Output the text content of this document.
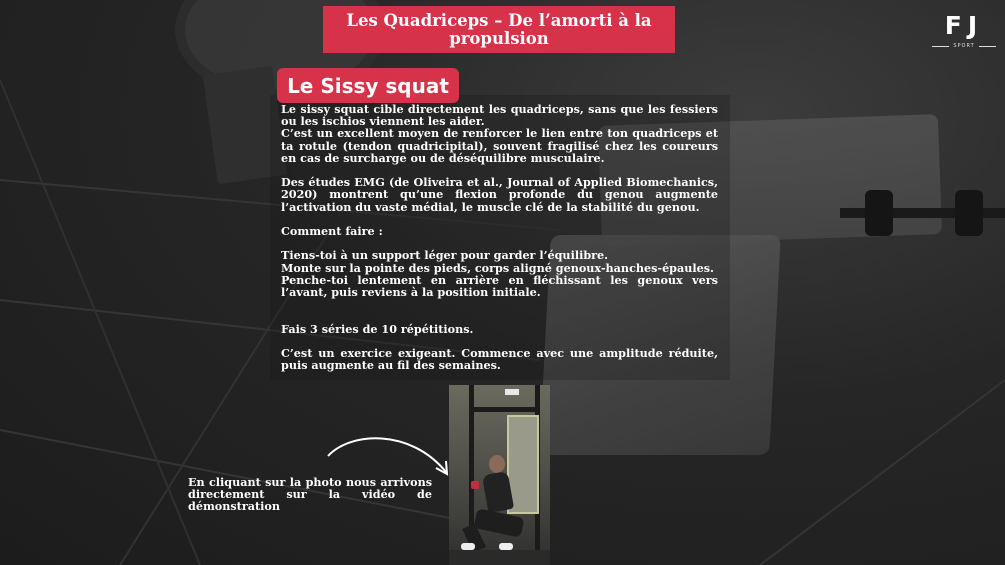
Les Quadriceps – De l’amorti à la propulsion	FJ
SPORT
Le Sissy squat

Le sissy squat cible directement les quadriceps, sans que les fessiers ou les ischios viennent les aider.

C’est un excellent moyen de renforcer le lien entre ton quadriceps et ta rotule (tendon quadricipital), souvent fragilisé chez les coureurs en cas de surcharge ou de déséquilibre musculaire.

Des études EMG (de Oliveira et al., Journal of Applied Biomechanics, 2020) montrent qu’une flexion profonde du genou augmente l’activation du vaste médial, le muscle clé de la stabilité du genou.

Comment faire :

Tiens-toi à un support léger pour garder l’équilibre.

Monte sur la pointe des pieds, corps aligné genoux-hanches-épaules.

Penche-toi lentement en arrière en fléchissant les genoux vers l’avant, puis reviens à la position initiale.

Fais 3 séries de 10 répétitions.

C’est un exercice exigeant. Commence avec une amplitude réduite, puis augmente au fil des semaines.

En cliquant sur la photo nous arrivons directement sur la vidéo de démonstration
